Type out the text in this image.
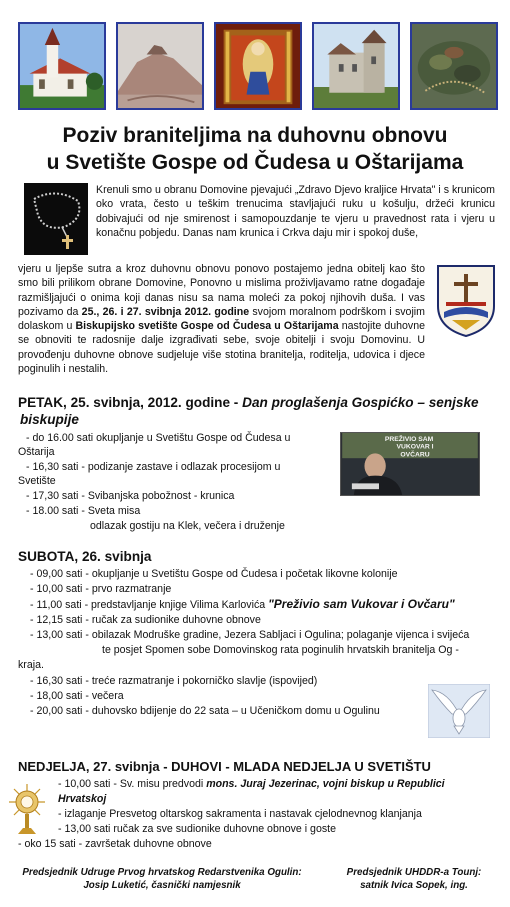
Poziv braniteljima na duhovnu obnovu
u Svetište Gospe od Čudesa u Oštarijama
Krenuli smo u obranu Domovine pjevajući „Zdravo Djevo kraljice Hrvata" i s krunicom oko vrata, često u teškim trenucima stavljajući ruku u košulju, držeći krunicu dobivajući od nje smirenost i samopouzdanje te vjeru u pravednost rata i vjeru u konačnu pobjedu. Danas nam krunica i Crkva daju mir i spokoj duše,
vjeru u ljepše sutra a kroz duhovnu obnovu ponovo postajemo jedna obitelj kao što smo bili prilikom obrane Domovine, Ponovno u mislima proživljavamo ratne događaje razmišljajući o onima koji danas nisu sa nama moleći za pokoj njihovih duša. I vas pozivamo da 25., 26. i 27. svibnja 2012. godine svojom moralnom podrškom i svojim dolaskom u Biskupijsko svetište Gospe od Čudesa u Oštarijama nastojite duhovne se obnoviti te radosnije dalje izgrađivati sebe, svoje obitelji i svoju Domovinu. U provođenju duhovne obnove sudjeluje više stotina branitelja, roditelja, udovica i djece poginulih i nestalih.
PETAK, 25. svibnja, 2012. godine - Dan proglašenja Gospićko – senjske
biskupije
- do 16.00 sati okupljanje u Svetištu Gospe od Čudesa u
Oštarija
- 16,30 sati - podizanje zastave i odlazak procesijom u
Svetište
- 17,30 sati - Svibanjska pobožnost - krunica
- 18.00 sati - Sveta misa
odlazak gostiju na Klek, večera i druženje
PREŽIVIO SAM
VUKOVAR I
OVČARU
SUBOTA, 26. svibnja
- 09,00 sati - okupljanje u Svetištu Gospe od Čudesa i početak likovne kolonije
- 10,00 sati - prvo razmatranje
- 11,00 sati - predstavljanje knjige Vilima Karlovića "Preživio sam Vukovar i Ovčaru"
- 12,15 sati - ručak za sudionike duhovne obnove
- 13,00 sati - obilazak Modruške gradine, Jezera Sabljaci i Ogulina; polaganje vijenca i svijeća
te posjet Spomen sobe Domovinskog rata poginulih hrvatskih branitelja Og -
kraja.
- 16,30 sati - treće razmatranje i pokorničko slavlje (ispovijed)
- 18,00 sati - večera
- 20,00 sati - duhovsko bdijenje do 22 sata – u Učeničkom domu u Ogulinu
NEDJELJA, 27. svibnja - DUHOVI - MLADA NEDJELJA U SVETIŠTU
- 10,00 sati - Sv. misu predvodi mons. Juraj Jezerinac, vojni biskup u Republici
Hrvatskoj
- izlaganje Presvetog oltarskog sakramenta i nastavak cjelodnevnog klanjanja
- 13,00 sati ručak za sve sudionike duhovne obnove i goste
- oko 15 sati - završetak duhovne obnove
Predsjednik Udruge Prvog hrvatskog Redarstvenika Ogulin:
Josip Luketić, časnički namjesnik
Predsjednik UHDDR-a Tounj:
satnik Ivica Sopek, ing.
